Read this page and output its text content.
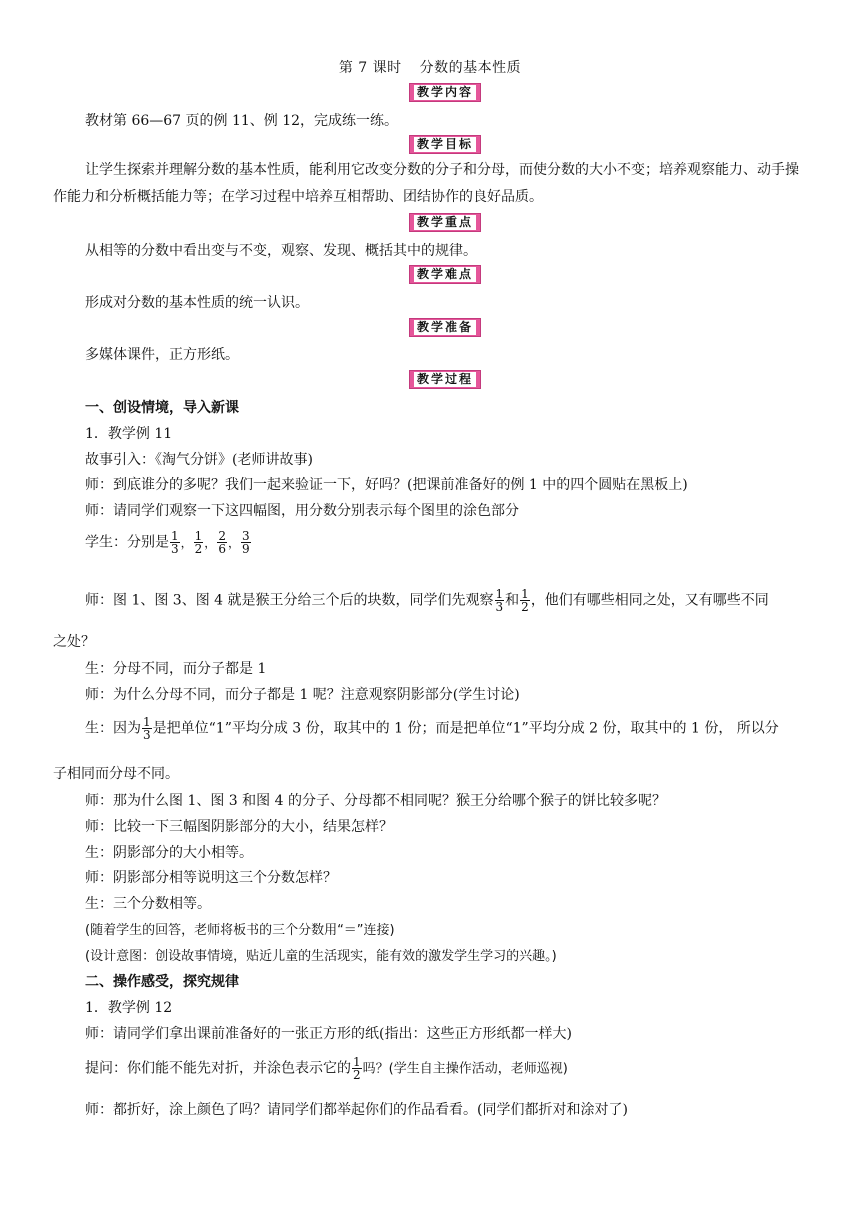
第 7 课时 分数的基本性质
教学内容
教材第 66—67 页的例 11、例 12，完成练一练。
教学目标
让学生探索并理解分数的基本性质，能利用它改变分数的分子和分母，而使分数的大小不变；培养观察能力、动手操作能力和分析概括能力等；在学习过程中培养互相帮助、团结协作的良好品质。
教学重点
从相等的分数中看出变与不变，观察、发现、概括其中的规律。
教学难点
形成对分数的基本性质的统一认识。
教学准备
多媒体课件，正方形纸。
教学过程
一、创设情境，导入新课
1．教学例 11
故事引入：《淘气分饼》(老师讲故事)
师：到底谁分的多呢？我们一起来验证一下，好吗？(把课前准备好的例 1 中的四个圆贴在黑板上)
师：请同学们观察一下这四幅图，用分数分别表示每个图里的涂色部分
学生：分别是 $\frac{1}{3}$ ， $\frac{1}{2}$ ， $\frac{2}{6}$ ， $\frac{3}{9}$
师：图 1、图 3、图 4 就是猴王分给三个后的块数，同学们先观察 $\frac{1}{3}$ 和 $\frac{1}{2}$ ，他们有哪些相同之处，又有哪些不同
之处？
生：分母不同，而分子都是 1
师：为什么分母不同，而分子都是 1 呢？注意观察阴影部分(学生讨论)
生：因为 $\frac{1}{3}$ 是把单位“1”平均分成 3 份，取其中的 1 份；而是把单位“1”平均分成 2 份，取其中的 1 份， 所以分
子相同而分母不同。
师：那为什么图 1、图 3 和图 4 的分子、分母都不相同呢？猴王分给哪个猴子的饼比较多呢？
师：比较一下三幅图阴影部分的大小，结果怎样？
生：阴影部分的大小相等。
师：阴影部分相等说明这三个分数怎样？
生：三个分数相等。
(随着学生的回答，老师将板书的三个分数用“＝”连接)
(设计意图：创设故事情境，贴近儿童的生活现实，能有效的激发学生学习的兴趣。)
二、操作感受，探究规律
1．教学例 12
师：请同学们拿出课前准备好的一张正方形的纸(指出：这些正方形纸都一样大)
提问：你们能不能先对折，并涂色表示它的 $\frac{1}{2}$ 吗？(学生自主操作活动，老师巡视)
师：都折好，涂上颜色了吗？请同学们都举起你们的作品看看。(同学们都折对和涂对了)
